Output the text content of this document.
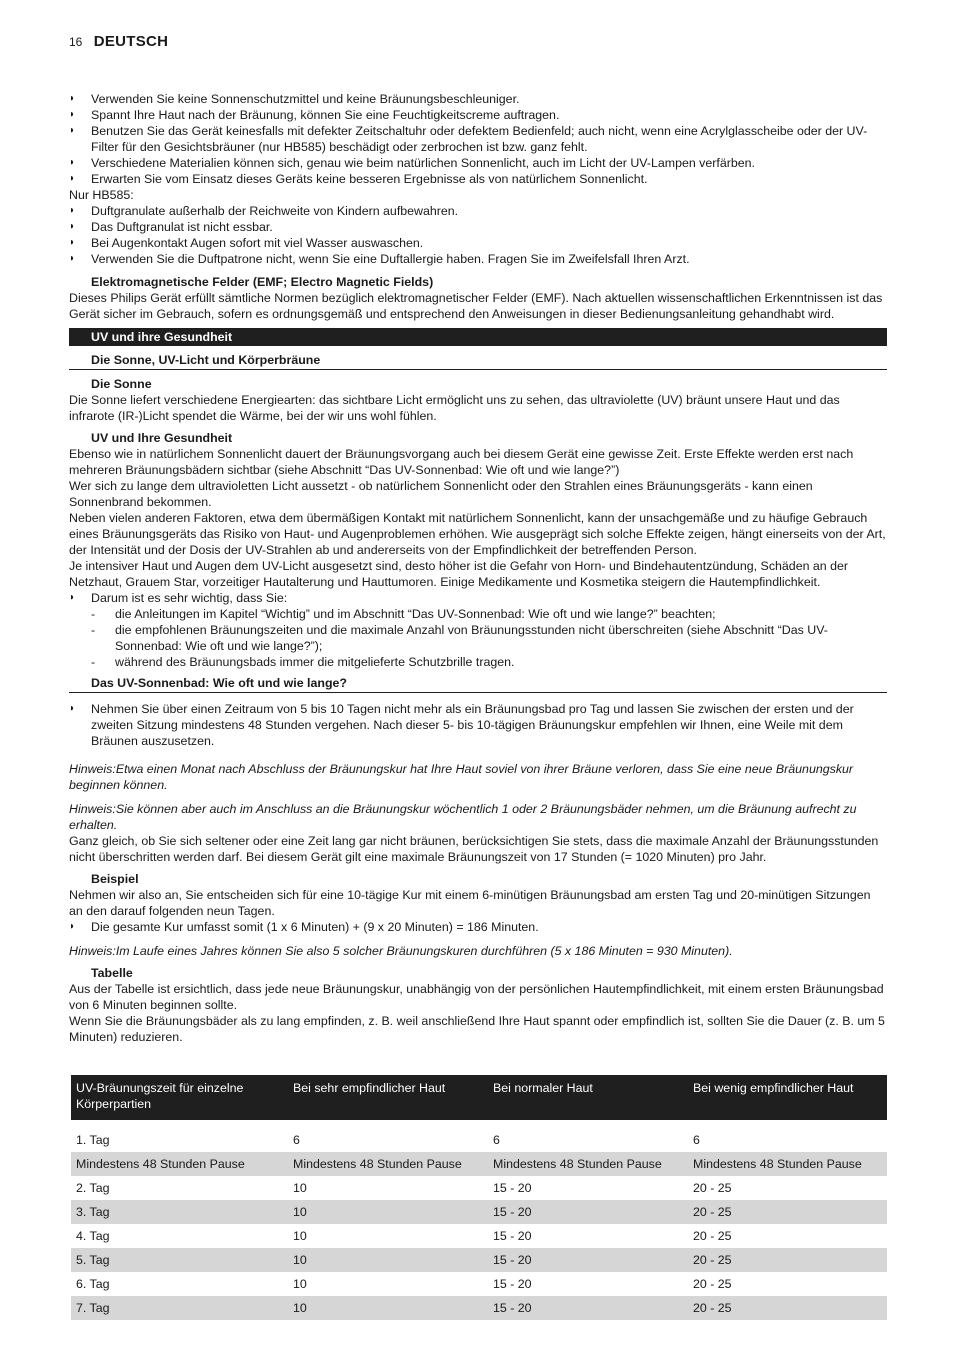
16 DEUTSCH

◗ Verwenden Sie keine Sonnenschutzmittel und keine Bräunungsbeschleuniger.

◗ Spannt Ihre Haut nach der Bräunung, können Sie eine Feuchtigkeitscreme auftragen.

◗ Benutzen Sie das Gerät keinesfalls mit defekter Zeitschaltuhr oder defektem Bedienfeld; auch nicht, wenn eine Acrylglasscheibe oder der UV-Filter für den Gesichtsbräuner (nur HB585) beschädigt oder zerbrochen ist bzw. ganz fehlt.

◗ Verschiedene Materialien können sich, genau wie beim natürlichen Sonnenlicht, auch im Licht der UV-Lampen verfärben.

◗ Erwarten Sie vom Einsatz dieses Geräts keine besseren Ergebnisse als von natürlichem Sonnenlicht.

Nur HB585:

◗ Duftgranulate außerhalb der Reichweite von Kindern aufbewahren.

◗ Das Duftgranulat ist nicht essbar.

◗ Bei Augenkontakt Augen sofort mit viel Wasser auswaschen.

◗ Verwenden Sie die Duftpatrone nicht, wenn Sie eine Duftallergie haben. Fragen Sie im Zweifelsfall Ihren Arzt.

Elektromagnetische Felder (EMF; Electro Magnetic Fields)

Dieses Philips Gerät erfüllt sämtliche Normen bezüglich elektromagnetischer Felder (EMF). Nach aktuellen wissenschaftlichen Erkenntnissen ist das Gerät sicher im Gebrauch, sofern es ordnungsgemäß und entsprechend den Anweisungen in dieser Bedienungsanleitung gehandhabt wird.

UV und ihre Gesundheit

Die Sonne, UV-Licht und Körperbräune

Die Sonne

Die Sonne liefert verschiedene Energiearten: das sichtbare Licht ermöglicht uns zu sehen, das ultraviolette (UV) bräunt unsere Haut und das infrarote (IR-)Licht spendet die Wärme, bei der wir uns wohl fühlen.

UV und Ihre Gesundheit

Ebenso wie in natürlichem Sonnenlicht dauert der Bräunungsvorgang auch bei diesem Gerät eine gewisse Zeit. Erste Effekte werden erst nach mehreren Bräunungsbädern sichtbar (siehe Abschnitt “Das UV-Sonnenbad: Wie oft und wie lange?”)

Wer sich zu lange dem ultravioletten Licht aussetzt - ob natürlichem Sonnenlicht oder den Strahlen eines Bräunungsgeräts - kann einen Sonnenbrand bekommen.

Neben vielen anderen Faktoren, etwa dem übermäßigen Kontakt mit natürlichem Sonnenlicht, kann der unsachgemäße und zu häufige Gebrauch eines Bräunungsgeräts das Risiko von Haut- und Augenproblemen erhöhen. Wie ausgeprägt sich solche Effekte zeigen, hängt einerseits von der Art, der Intensität und der Dosis der UV-Strahlen ab und andererseits von der Empfindlichkeit der betreffenden Person.

Je intensiver Haut und Augen dem UV-Licht ausgesetzt sind, desto höher ist die Gefahr von Horn- und Bindehautentzündung, Schäden an der Netzhaut, Grauem Star, vorzeitiger Hautalterung und Hauttumoren. Einige Medikamente und Kosmetika steigern die Hautempfindlichkeit.

◗ Darum ist es sehr wichtig, dass Sie:

- die Anleitungen im Kapitel “Wichtig” und im Abschnitt “Das UV-Sonnenbad: Wie oft und wie lange?” beachten;

- die empfohlenen Bräunungszeiten und die maximale Anzahl von Bräunungsstunden nicht überschreiten (siehe Abschnitt “Das UV-Sonnenbad: Wie oft und wie lange?”);

- während des Bräunungsbads immer die mitgelieferte Schutzbrille tragen.

Das UV-Sonnenbad: Wie oft und wie lange?

◗ Nehmen Sie über einen Zeitraum von 5 bis 10 Tagen nicht mehr als ein Bräunungsbad pro Tag und lassen Sie zwischen der ersten und der zweiten Sitzung mindestens 48 Stunden vergehen. Nach dieser 5- bis 10-tägigen Bräunungskur empfehlen wir Ihnen, eine Weile mit dem Bräunen auszusetzen.

Hinweis:Etwa einen Monat nach Abschluss der Bräunungskur hat Ihre Haut soviel von ihrer Bräune verloren, dass Sie eine neue Bräunungskur beginnen können.

Hinweis:Sie können aber auch im Anschluss an die Bräunungskur wöchentlich 1 oder 2 Bräunungsbäder nehmen, um die Bräunung aufrecht zu erhalten.

Ganz gleich, ob Sie sich seltener oder eine Zeit lang gar nicht bräunen, berücksichtigen Sie stets, dass die maximale Anzahl der Bräunungsstunden nicht überschritten werden darf. Bei diesem Gerät gilt eine maximale Bräunungszeit von 17 Stunden (= 1020 Minuten) pro Jahr.

Beispiel

Nehmen wir also an, Sie entscheiden sich für eine 10-tägige Kur mit einem 6-minütigen Bräunungsbad am ersten Tag und 20-minütigen Sitzungen an den darauf folgenden neun Tagen.

◗ Die gesamte Kur umfasst somit (1 x 6 Minuten) + (9 x 20 Minuten) = 186 Minuten.

Hinweis:Im Laufe eines Jahres können Sie also 5 solcher Bräunungskuren durchführen (5 x 186 Minuten = 930 Minuten).

Tabelle

Aus der Tabelle ist ersichtlich, dass jede neue Bräunungskur, unabhängig von der persönlichen Hautempfindlichkeit, mit einem ersten Bräunungsbad von 6 Minuten beginnen sollte.

Wenn Sie die Bräunungsbäder als zu lang empfinden, z. B. weil anschließend Ihre Haut spannt oder empfindlich ist, sollten Sie die Dauer (z. B. um 5 Minuten) reduzieren.

UV-Bräunungszeit für einzelne Körperpartien	Bei sehr empfindlicher Haut	Bei normaler Haut	Bei wenig empfindlicher Haut

1. Tag	6	6	6
Mindestens 48 Stunden Pause	Mindestens 48 Stunden Pause	Mindestens 48 Stunden Pause	Mindestens 48 Stunden Pause
2. Tag	10	15 - 20	20 - 25
3. Tag	10	15 - 20	20 - 25
4. Tag	10	15 - 20	20 - 25
5. Tag	10	15 - 20	20 - 25
6. Tag	10	15 - 20	20 - 25
7. Tag	10	15 - 20	20 - 25
